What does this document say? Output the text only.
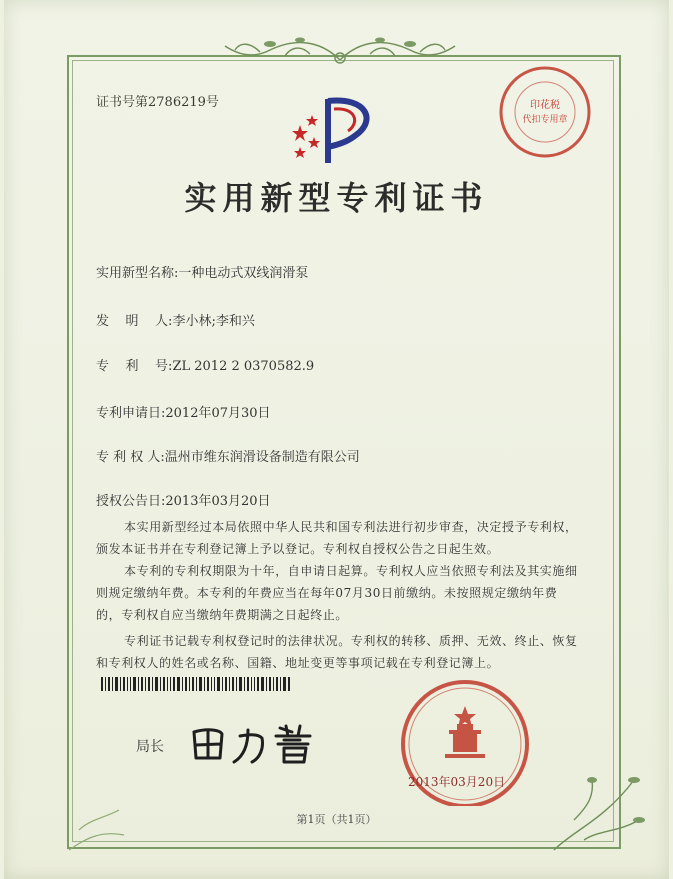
证书号第2786219号
实用新型专利证书
实用新型名称:一种电动式双线润滑泵
发    明    人:李小林;李和兴
专    利    号:ZL 2012 2 0370582.9
专利申请日:2012年07月30日
专 利 权 人:温州市维东润滑设备制造有限公司
授权公告日:2013年03月20日

本实用新型经过本局依照中华人民共和国专利法进行初步审查，决定授予专利权，颁发本证书并在专利登记簿上予以登记。专利权自授权公告之日起生效。

本专利的专利权期限为十年，自申请日起算。专利权人应当依照专利法及其实施细则规定缴纳年费。本专利的年费应当在每年07月30日前缴纳。未按照规定缴纳年费的，专利权自应当缴纳年费期满之日起终止。

专利证书记载专利权登记时的法律状况。专利权的转移、质押、无效、终止、恢复和专利权人的姓名或名称、国籍、地址变更等事项记载在专利登记簿上。

局长
印花税
代扣专用章
2013年03月20日
第1页（共1页）
